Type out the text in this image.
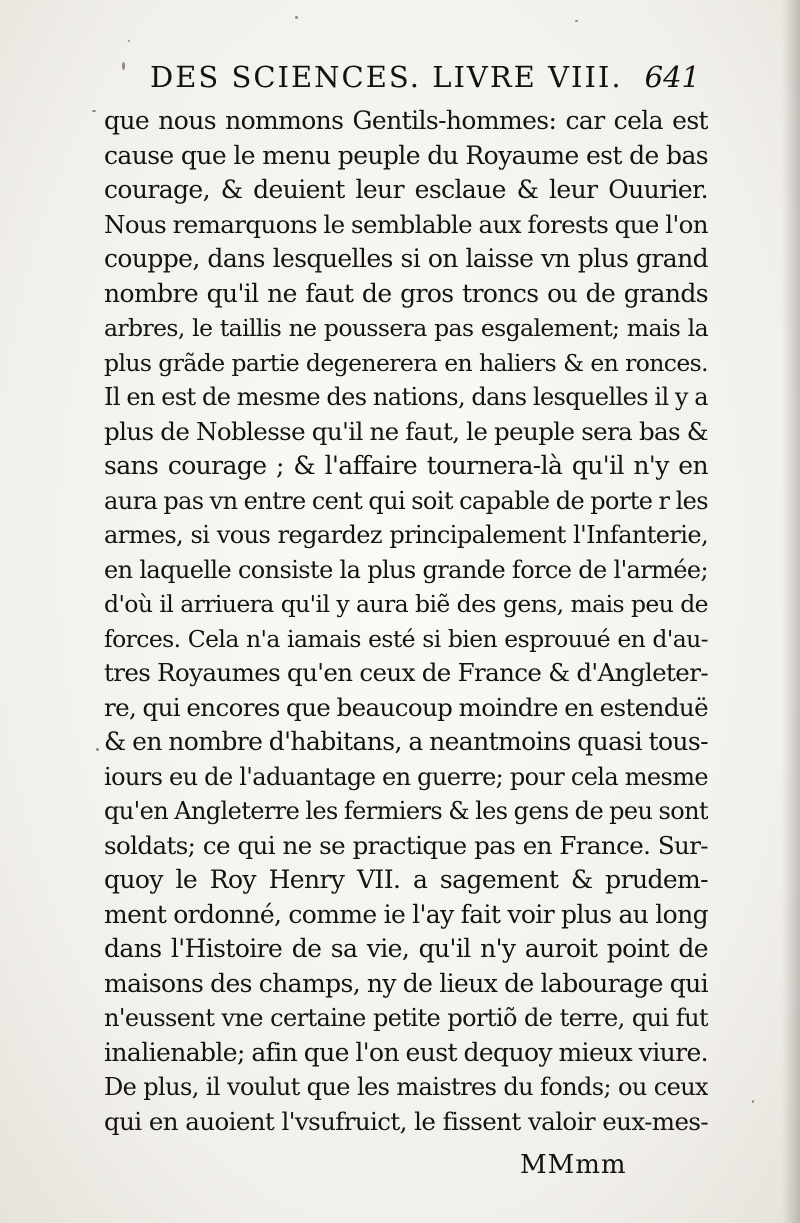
DES SCIENCES. LIVRE VIII. 641
que nous nommons Gentils-hommes: car cela est
cause que le menu peuple du Royaume est de bas
courage, & deuient leur esclaue & leur Ouurier.
Nous remarquons le semblable aux forests que l'on
couppe, dans lesquelles si on laisse vn plus grand
nombre qu'il ne faut de gros troncs ou de grands
arbres, le taillis ne poussera pas esgalement; mais la
plus grãde partie degenerera en haliers & en ronces.
Il en est de mesme des nations, dans lesquelles il y a
plus de Noblesse qu'il ne faut, le peuple sera bas &
sans courage ; & l'affaire tournera-là qu'il n'y en
aura pas vn entre cent qui soit capable de porte r les
armes, si vous regardez principalement l'Infanterie,
en laquelle consiste la plus grande force de l'armée;
d'où il arriuera qu'il y aura biẽ des gens, mais peu de
forces. Cela n'a iamais esté si bien esprouué en d'au-
tres Royaumes qu'en ceux de France & d'Angleter-
re, qui encores que beaucoup moindre en estenduë
& en nombre d'habitans, a neantmoins quasi tous-
iours eu de l'aduantage en guerre; pour cela mesme
qu'en Angleterre les fermiers & les gens de peu sont
soldats; ce qui ne se practique pas en France. Sur-
quoy le Roy Henry VII. a sagement & prudem-
ment ordonné, comme ie l'ay fait voir plus au long
dans l'Histoire de sa vie, qu'il n'y auroit point de
maisons des champs, ny de lieux de labourage qui
n'eussent vne certaine petite portiõ de terre, qui fut
inalienable; afin que l'on eust dequoy mieux viure.
De plus, il voulut que les maistres du fonds; ou ceux
qui en auoient l'vsufruict, le fissent valoir eux-mes-
MMmm
